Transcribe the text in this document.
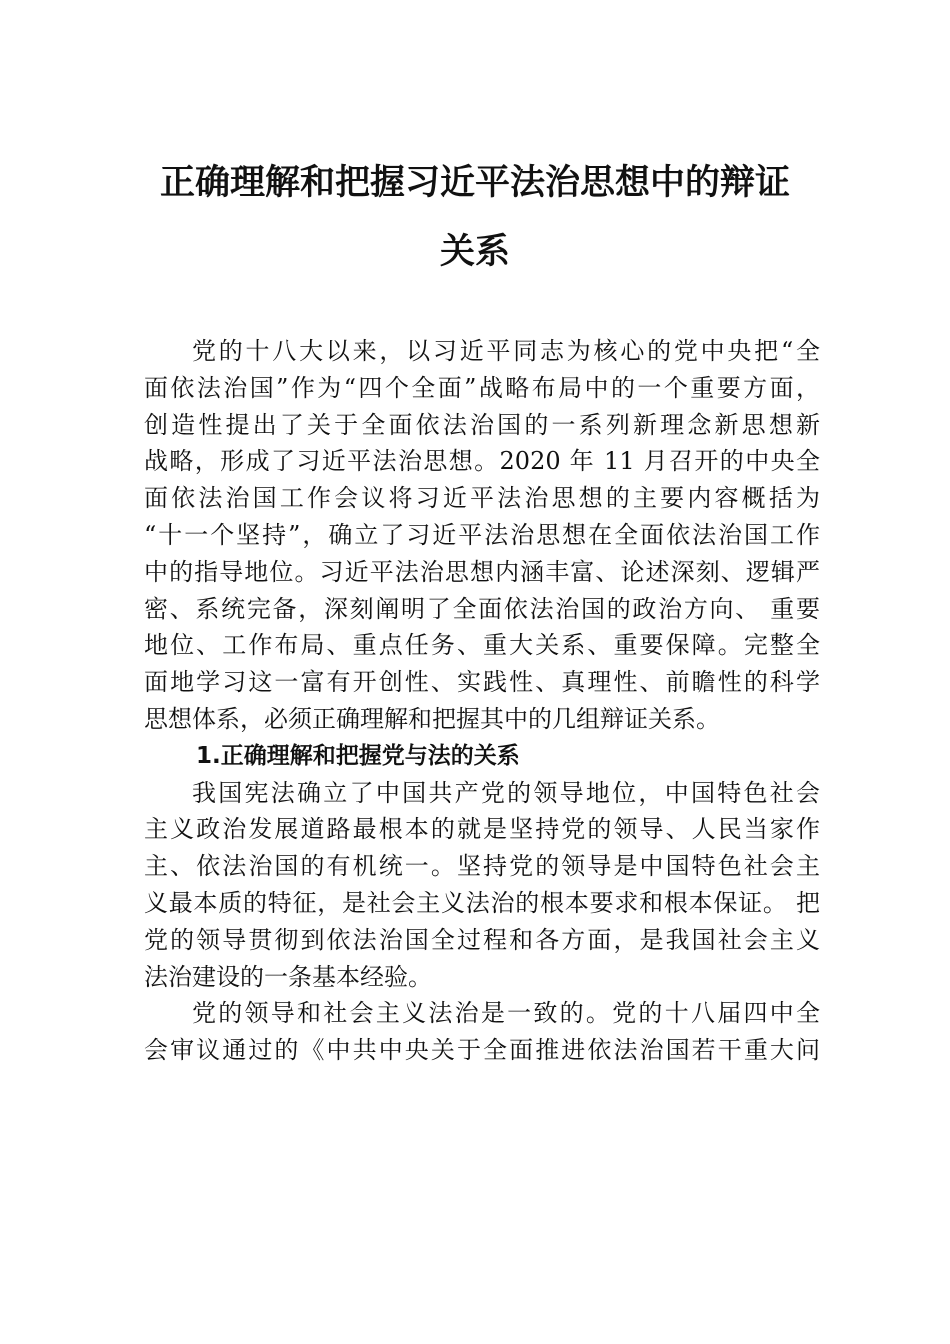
正确理解和把握习近平法治思想中的辩证
关系
党的十八大以来，以习近平同志为核心的党中央把“全
面依法治国”作为“四个全面”战略布局中的一个重要方面，
创造性提出了关于全面依法治国的一系列新理念新思想新
战略，形成了习近平法治思想。2020 年 11 月召开的中央全
面依法治国工作会议将习近平法治思想的主要内容概括为
“十一个坚持”，确立了习近平法治思想在全面依法治国工作
中的指导地位。习近平法治思想内涵丰富、论述深刻、逻辑严
密、系统完备，深刻阐明了全面依法治国的政治方向、 重要
地位、工作布局、重点任务、重大关系、重要保障。完整全
面地学习这一富有开创性、实践性、真理性、前瞻性的科学
思想体系，必须正确理解和把握其中的几组辩证关系。
1.正确理解和把握党与法的关系
我国宪法确立了中国共产党的领导地位，中国特色社会
主义政治发展道路最根本的就是坚持党的领导、人民当家作
主、依法治国的有机统一。坚持党的领导是中国特色社会主
义最本质的特征，是社会主义法治的根本要求和根本保证。 把
党的领导贯彻到依法治国全过程和各方面，是我国社会主义
法治建设的一条基本经验。
党的领导和社会主义法治是一致的。党的十八届四中全
会审议通过的《中共中央关于全面推进依法治国若干重大问
